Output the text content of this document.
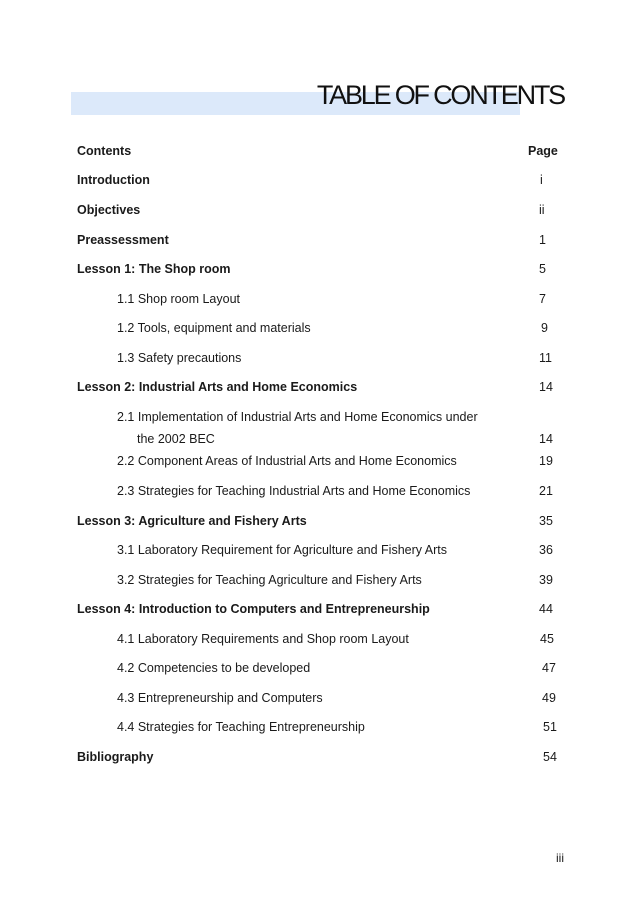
TABLE OF CONTENTS
Contents	Page
Introduction	i
Objectives	ii
Preassessment	1
Lesson 1: The Shop room	5
1.1 Shop room Layout	7
1.2 Tools, equipment and materials	9
1.3 Safety precautions	11
Lesson 2: Industrial Arts and Home Economics	14
2.1 Implementation of Industrial Arts and Home Economics under
the 2002 BEC	14
2.2 Component Areas of Industrial Arts and Home Economics	19
2.3 Strategies for Teaching Industrial Arts and Home Economics	21
Lesson 3: Agriculture and Fishery Arts	35
3.1 Laboratory Requirement for Agriculture and Fishery Arts	36
3.2 Strategies for Teaching Agriculture and Fishery Arts	39
Lesson 4: Introduction to Computers and Entrepreneurship	44
4.1 Laboratory Requirements and Shop room Layout	45
4.2 Competencies to be developed	47
4.3 Entrepreneurship and Computers	49
4.4 Strategies for Teaching Entrepreneurship	51
Bibliography	54
iii
